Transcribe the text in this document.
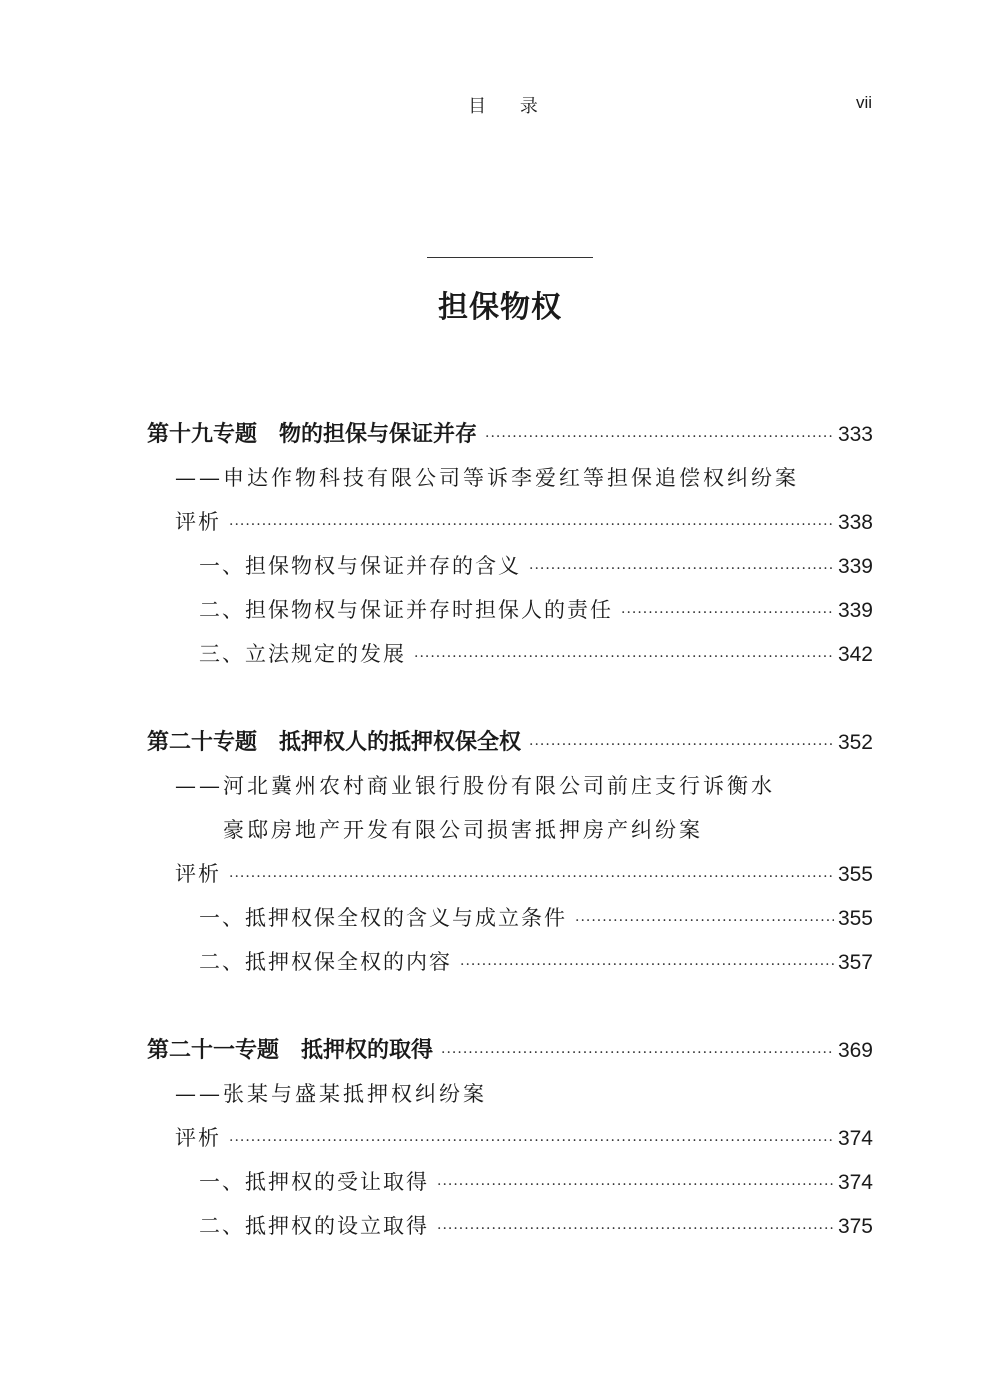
目 录	vii
担保物权
第十九专题　物的担保与保证并存 ·····	333
——申达作物科技有限公司等诉李爱红等担保追偿权纠纷案
评析 ·····	338
一、担保物权与保证并存的含义 ·····	339
二、担保物权与保证并存时担保人的责任 ·····	339
三、立法规定的发展 ·····	342
第二十专题　抵押权人的抵押权保全权 ·····	352
——河北冀州农村商业银行股份有限公司前庄支行诉衡水
豪邸房地产开发有限公司损害抵押房产纠纷案
评析 ·····	355
一、抵押权保全权的含义与成立条件 ·····	355
二、抵押权保全权的内容 ·····	357
第二十一专题　抵押权的取得 ·····	369
——张某与盛某抵押权纠纷案
评析 ·····	374
一、抵押权的受让取得 ·····	374
二、抵押权的设立取得 ·····	375
